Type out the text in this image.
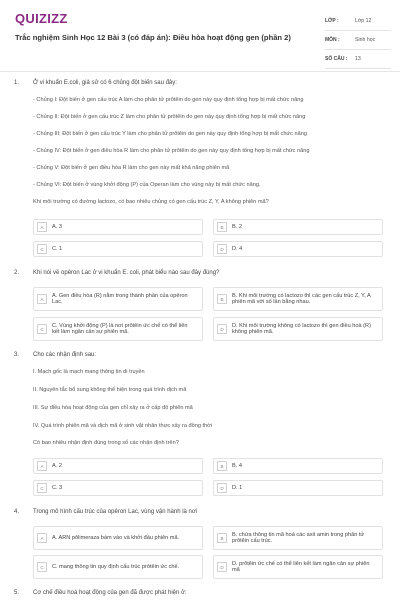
QUIZIZZ
Trắc nghiệm Sinh Học 12 Bài 3 (có đáp án): Điều hòa hoạt động gen (phần 2)
LỚP :	Lớp 12
MÔN :	Sinh học
SỐ CÂU :	13
1. Ở vi khuẩn E.coli, giả sử có 6 chủng đột biến sau đây:
- Chủng I: Đột biến ở gen cấu trúc A làm cho phân tử prôtêin do gen này quy định tổng hợp bị mất chức năng
- Chủng II: Đột biến ở gen cấu trúc Z làm cho phân tử prôtêin do gen này quy định tổng hợp bị mất chức năng
- Chủng III: Đột biến ở gen cấu trúc Y làm cho phân tử prôtêin do gen này quy định tổng hợp bị mất chức năng
- Chủng IV: Đột biến ở gen điều hòa R làm cho phân tử prôtêin do gen này quy định tổng hợp bị mất chức năng
- Chủng V: Đột biến ở gen điều hòa R làm cho gen này mất khả năng phiên mã
- Chủng VI: Đột biến ở vùng khởi động (P) của Operan làm cho vùng này bị mất chức năng.
Khi môi trường có đường lactozo, có bao nhiêu chủng có gen cấu trúc Z, Y, A không phiên mã?
A	A. 3	B	B. 2
C	C. 1	D	D. 4
2. Khi nói về opêron Lac ở vi khuẩn E. coli, phát biểu nào sau đây đúng?
A
A. Gen điều hòa (R) nằm trong thành phần của opêron Lac.	B
B. Khi môi trường có lactozo thì các gen cấu trúc Z, Y, A phiên mã với số lần bằng nhau.
C
C. Vùng khởi động (P) là nơi prôtêin ức chế có thể liên kết làm ngăn cản sự phiên mã.	D
D. Khi môi trường không có lactozo thì gen điều hoà (R) không phiên mã.
3. Cho các nhận định sau:
I. Mạch gốc là mạch mang thông tin di truyền
II. Nguyên tắc bổ sung không thể hiện trong quá trình dịch mã
III. Sự điều hòa hoạt động của gen chỉ xảy ra ở cấp độ phiên mã
IV. Quá trình phiên mã và dịch mã ở sinh vật nhân thực xảy ra đồng thời
Có bao nhiêu nhận định đúng trong số các nhận định trên?
A	A. 2	B	B. 4
C	C. 3	D	D. 1
4. Trong mô hình cấu trúc của opêron Lac, vùng vận hành là nơi
A	A. ARN pôlimeraza bám vào và khởi đầu phiên mã.	B
B. chứa thông tin mã hoá các axit amin trong phân tử prôtêin cấu trúc.
C	C. mang thông tin quy định cấu trúc prôtêin ức chế.	D
D. prôtêin ức chế có thể liên kết làm ngăn cản sự phiên mã
5. Cơ chế điều hoà hoạt động của gen đã được phát hiện ở:
